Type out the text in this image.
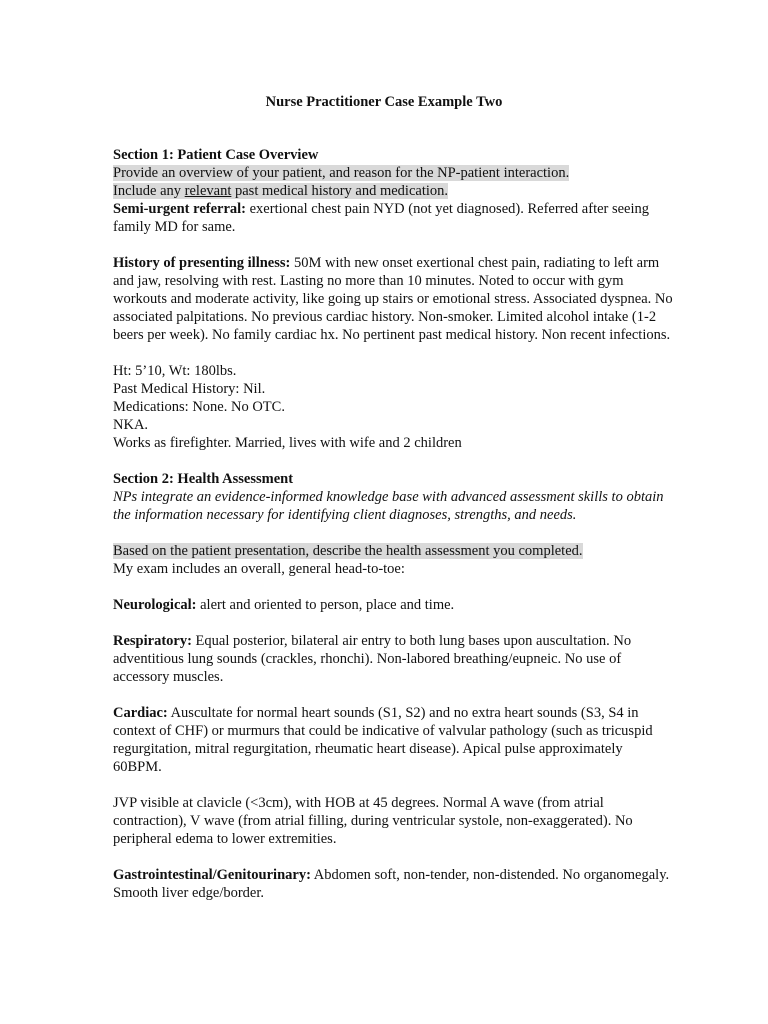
Nurse Practitioner Case Example Two

Section 1: Patient Case Overview

Provide an overview of your patient, and reason for the NP-patient interaction.

Include any relevant past medical history and medication.

Semi-urgent referral: exertional chest pain NYD (not yet diagnosed). Referred after seeing family MD for same.

History of presenting illness: 50M with new onset exertional chest pain, radiating to left arm and jaw, resolving with rest. Lasting no more than 10 minutes. Noted to occur with gym workouts and moderate activity, like going up stairs or emotional stress. Associated dyspnea. No associated palpitations. No previous cardiac history. Non-smoker. Limited alcohol intake (1-2 beers per week). No family cardiac hx. No pertinent past medical history. Non recent infections.

Ht: 5’10, Wt: 180lbs.

Past Medical History: Nil.

Medications: None. No OTC.

NKA.

Works as firefighter. Married, lives with wife and 2 children

Section 2: Health Assessment

NPs integrate an evidence-informed knowledge base with advanced assessment skills to obtain the information necessary for identifying client diagnoses, strengths, and needs.

Based on the patient presentation, describe the health assessment you completed.

My exam includes an overall, general head-to-toe:

Neurological: alert and oriented to person, place and time.

Respiratory: Equal posterior, bilateral air entry to both lung bases upon auscultation. No adventitious lung sounds (crackles, rhonchi). Non-labored breathing/eupneic. No use of accessory muscles.

Cardiac: Auscultate for normal heart sounds (S1, S2) and no extra heart sounds (S3, S4 in context of CHF) or murmurs that could be indicative of valvular pathology (such as tricuspid regurgitation, mitral regurgitation, rheumatic heart disease). Apical pulse approximately 60BPM.

JVP visible at clavicle (<3cm), with HOB at 45 degrees. Normal A wave (from atrial contraction), V wave (from atrial filling, during ventricular systole, non-exaggerated). No peripheral edema to lower extremities.

Gastrointestinal/Genitourinary: Abdomen soft, non-tender, non-distended. No organomegaly. Smooth liver edge/border.
